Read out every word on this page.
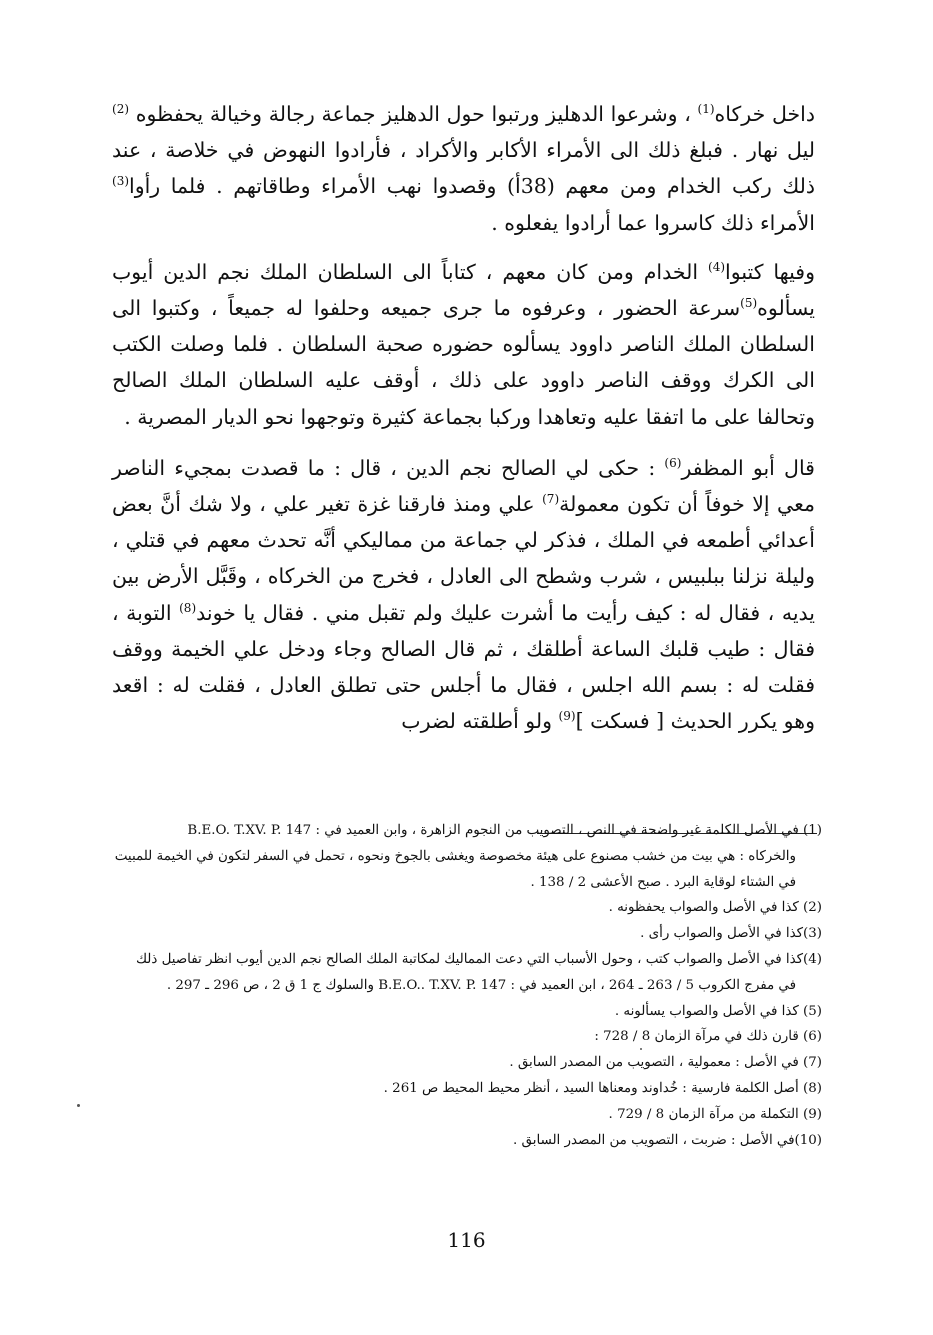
داخل خركاه$^{(1)}$ ، وشرعوا الدهليز ورتبوا حول الدهليز جماعة رجالة وخيالة يحفظوه $^{(2)}$ ليل نهار . فبلغ ذلك الى الأمراء الأكابر والأكراد ، فأرادوا النهوض في خلاصة ، عند ذلك ركب الخدام ومن معهم (38أ) وقصدوا نهب الأمراء وطاقاتهم . فلما رأوا$^{(3)}$ الأمراء ذلك كاسروا عما أرادوا يفعلوه .

وفيها كتبوا$^{(4)}$ الخدام ومن كان معهم ، كتاباً الى السلطان الملك نجم الدين أيوب يسألوه$^{(5)}$سرعة الحضور ، وعرفوه ما جرى جميعه وحلفوا له جميعاً ، وكتبوا الى السلطان الملك الناصر داوود يسألوه حضوره صحبة السلطان . فلما وصلت الكتب الى الكرك ووقف الناصر داوود على ذلك ، أوقف عليه السلطان الملك الصالح وتحالفا على ما اتفقا عليه وتعاهدا وركبا بجماعة كثيرة وتوجهوا نحو الديار المصرية .

قال أبو المظفر$^{(6)}$ : حكى لي الصالح نجم الدين ، قال : ما قصدت بمجيء الناصر معي إلا خوفاً أن تكون معمولة$^{(7)}$ علي ومنذ فارقنا غزة تغير علي ، ولا شك أنَّ بعض أعدائي أطمعه في الملك ، فذكر لي جماعة من مماليكي أنَّه تحدث معهم في قتلي ، وليلة نزلنا ببلبيس ، شرب وشطح الى العادل ، فخرج من الخركاه ، وقَبَّل الأرض بين يديه ، فقال له : كيف رأيت ما أشرت عليك ولم تقبل مني . فقال يا خوند$^{(8)}$ التوبة ، فقال : طيب قلبك الساعة أطلقك ، ثم قال الصالح وجاء ودخل علي الخيمة ووقف فقلت له : بسم الله اجلس ، فقال ما أجلس حتى تطلق العادل ، فقلت له : اقعد وهو يكرر الحديث [ فسكت ]$^{(9)}$ ولو أطلقته لضرب

(1) في الأصل الكلمة غير واضحة في النص ، التصويب من النجوم الزاهرة ، وابن العميد في : B.E.O. T.XV. P. 147
والخركاه : هي بيت من خشب مصنوع على هيئة مخصوصة ويغشى بالجوخ ونحوه ، تحمل في السفر لتكون في الخيمة للمبيت
في الشتاء لوقاية البرد . صبح الأعشى 2 / 138 .

(2) كذا في الأصل والصواب يحفظونه .

(3)كذا في الأصل والصواب رأى .

(4)كذا في الأصل والصواب كتب ، وحول الأسباب التي دعت المماليك لمكاتبة الملك الصالح نجم الدين أيوب انظر تفاصيل ذلك
في مفرج الكروب 5 / 263 ـ 264 ، ابن العميد في : B.E.O.. T.XV. P. 147 والسلوك ج 1 ق 2 ، ص 296 ـ 297 .

(5) كذا في الأصل والصواب يسألونه .

(6) قارن ذلك في مرآة الزمان 8 / 728 :

(7) في الأصل : معمولية ، التصويب من المصدر السابق .

(8) أصل الكلمة فارسية : خُداوند ومعناها السيد ، أنظر محيط المحيط ص 261 .

(9) التكملة من مرآة الزمان 8 / 729 .

(10)في الأصل : ضربت ، التصويب من المصدر السابق .

116
